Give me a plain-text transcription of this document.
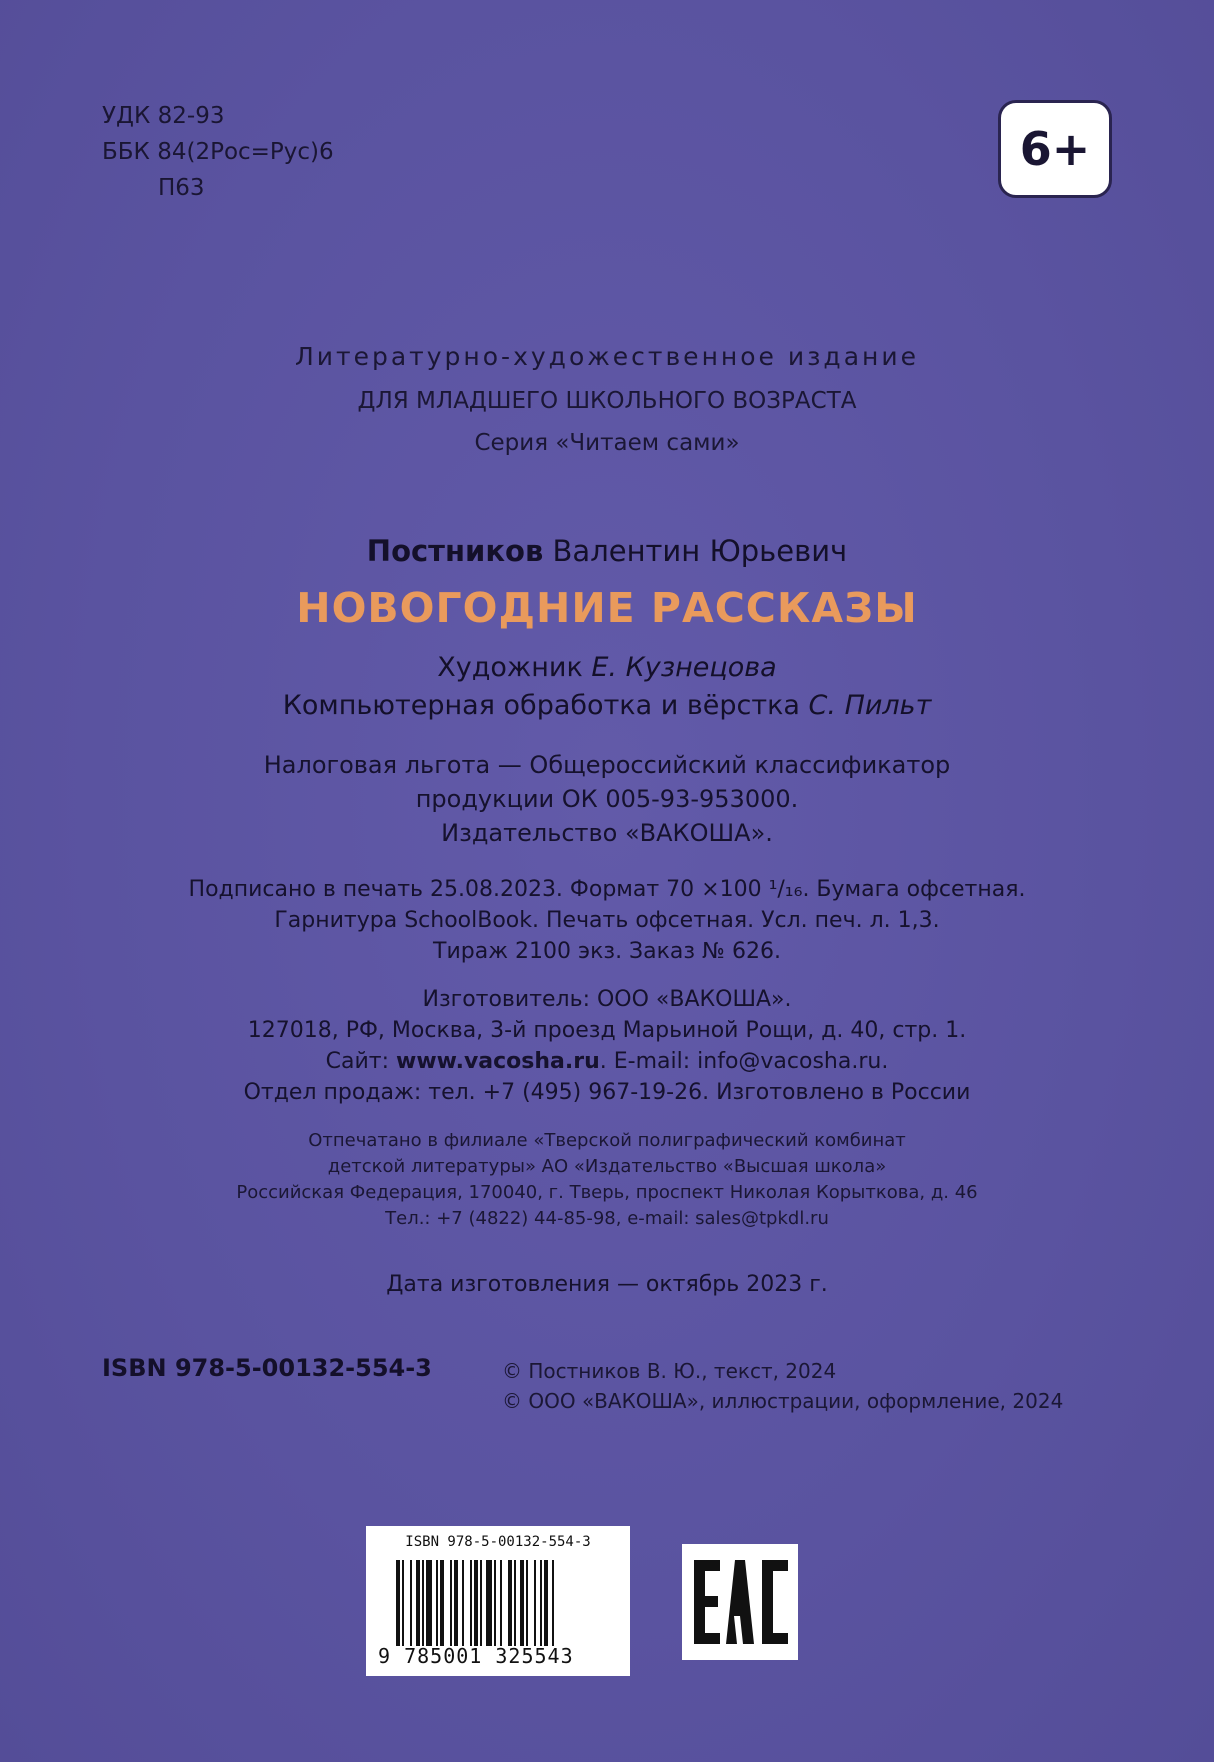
УДК 82-93
ББК 84(2Рос=Рус)6
П63
6+
Литературно-художественное издание
ДЛЯ МЛАДШЕГО ШКОЛЬНОГО ВОЗРАСТА
Серия «Читаем сами»
Постников Валентин Юрьевич
НОВОГОДНИЕ РАССКАЗЫ
Художник Е. Кузнецова
Компьютерная обработка и вёрстка С. Пильт
Налоговая льгота — Общероссийский классификатор
продукции ОК 005-93-953000.
Издательство «ВАКОША».
Подписано в печать 25.08.2023. Формат 70 ×100 ¹/₁₆. Бумага офсетная.
Гарнитура SchoolBook. Печать офсетная. Усл. печ. л. 1,3.
Тираж 2100 экз. Заказ № 626.
Изготовитель: ООО «ВАКОША».
127018, РФ, Москва, 3-й проезд Марьиной Рощи, д. 40, стр. 1.
Сайт: www.vacosha.ru. E-mail: info@vacosha.ru.
Отдел продаж: тел. +7 (495) 967-19-26. Изготовлено в России
Отпечатано в филиале «Тверской полиграфический комбинат
детской литературы» АО «Издательство «Высшая школа»
Российская Федерация, 170040, г. Тверь, проспект Николая Корыткова, д. 46
Тел.: +7 (4822) 44-85-98, e-mail: sales@tpkdl.ru
Дата изготовления — октябрь 2023 г.
ISBN 978-5-00132-554-3	© Постников В. Ю., текст, 2024
© ООО «ВАКОША», иллюстрации, оформление, 2024
ISBN 978-5-00132-554-3
9 785001 325543
